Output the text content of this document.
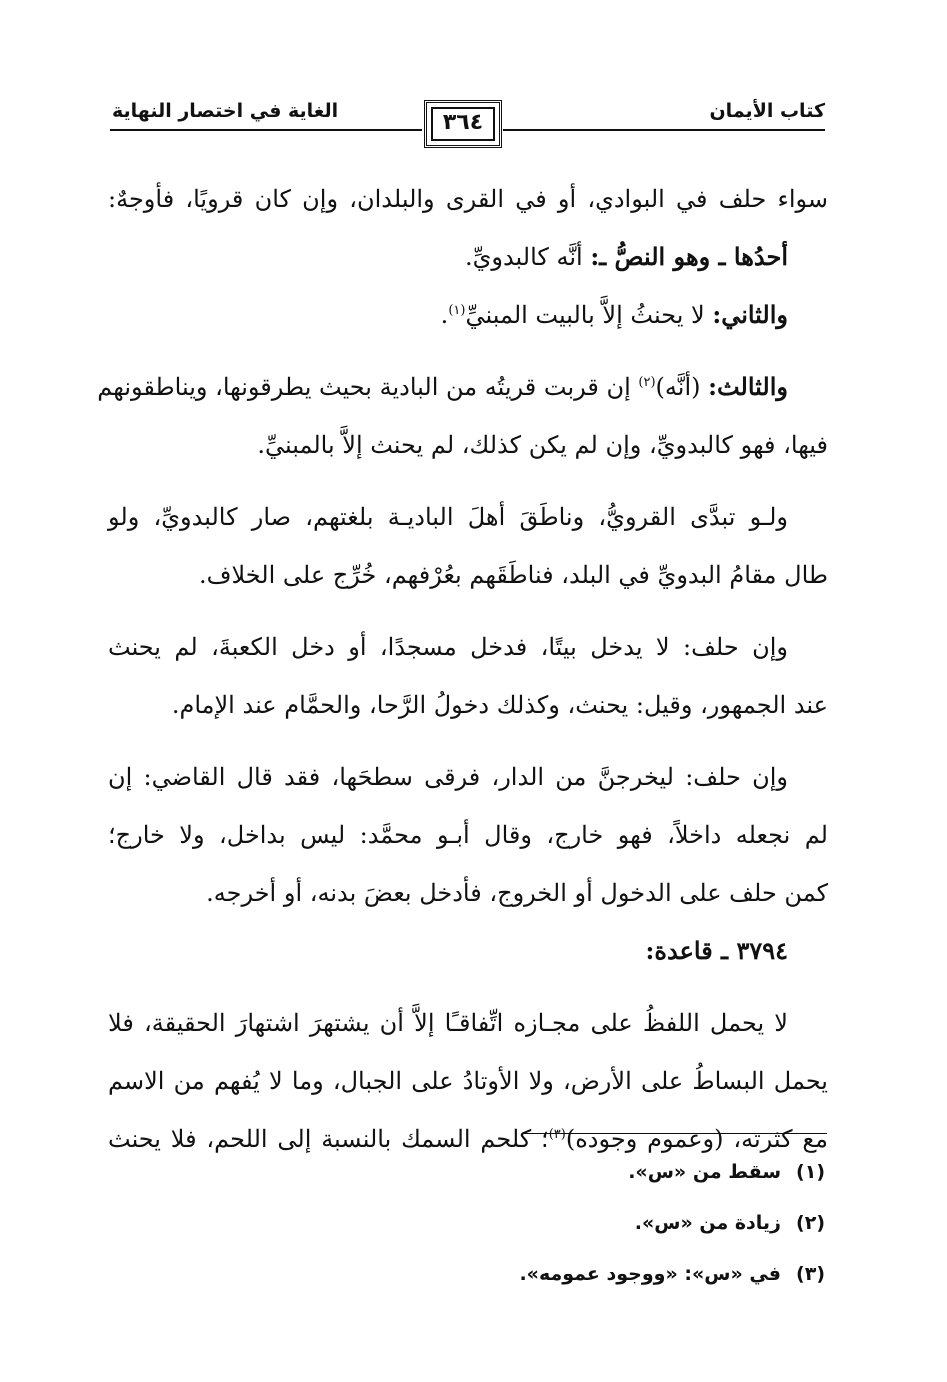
كتاب الأيمان
الغاية في اختصار النهاية	٣٦٤
سواء حلف في البوادي، أو في القرى والبلدان، وإن كان قرويًا، فأوجهٌ:
أحدُها ـ وهو النصُّ ـ: أنَّه كالبدويِّ.
والثاني: لا يحنثُ إلاَّ بالبيت المبنيِّ$^{(١)}$.
والثالث: (أنَّه)$^{(٢)}$ إن قربت قريتُه من البادية بحيث يطرقونها، ويناطقونهم
فيها، فهو كالبدويِّ، وإن لم يكن كذلك، لم يحنث إلاَّ بالمبنيِّ.
ولـو تبدَّى القرويُّ، وناطَقَ أهلَ الباديـة بلغتهم، صار كالبدويِّ، ولو
طال مقامُ البدويِّ في البلد، فناطَقَهم بعُرْفهم، خُرِّج على الخلاف.
وإن حلف: لا يدخل بيتًا، فدخل مسجدًا، أو دخل الكعبةَ، لم يحنث
عند الجمهور، وقيل: يحنث، وكذلك دخولُ الرَّحا، والحمَّام عند الإمام.
وإن حلف: ليخرجنَّ من الدار، فرقى سطحَها، فقد قال القاضي: إن
لم نجعله داخلاً، فهو خارج، وقال أبـو محمَّد: ليس بداخل، ولا خارج؛
كمن حلف على الدخول أو الخروج، فأدخل بعضَ بدنه، أو أخرجه.
٣٧٩٤ ـ قاعدة:
لا يحمل اللفظُ على مجـازه اتِّفاقـًا إلاَّ أن يشتهرَ اشتهارَ الحقيقة، فلا
يحمل البساطُ على الأرض، ولا الأوتادُ على الجبال، وما لا يُفهم من الاسم
مع كثرته، (وعموم وجوده)$^{(٣)}$؛ كلحم السمك بالنسبة إلى اللحم، فلا يحنث
(١)سقط من «س».
(٢)زيادة من «س».
(٣)في «س»: «ووجود عمومه».
